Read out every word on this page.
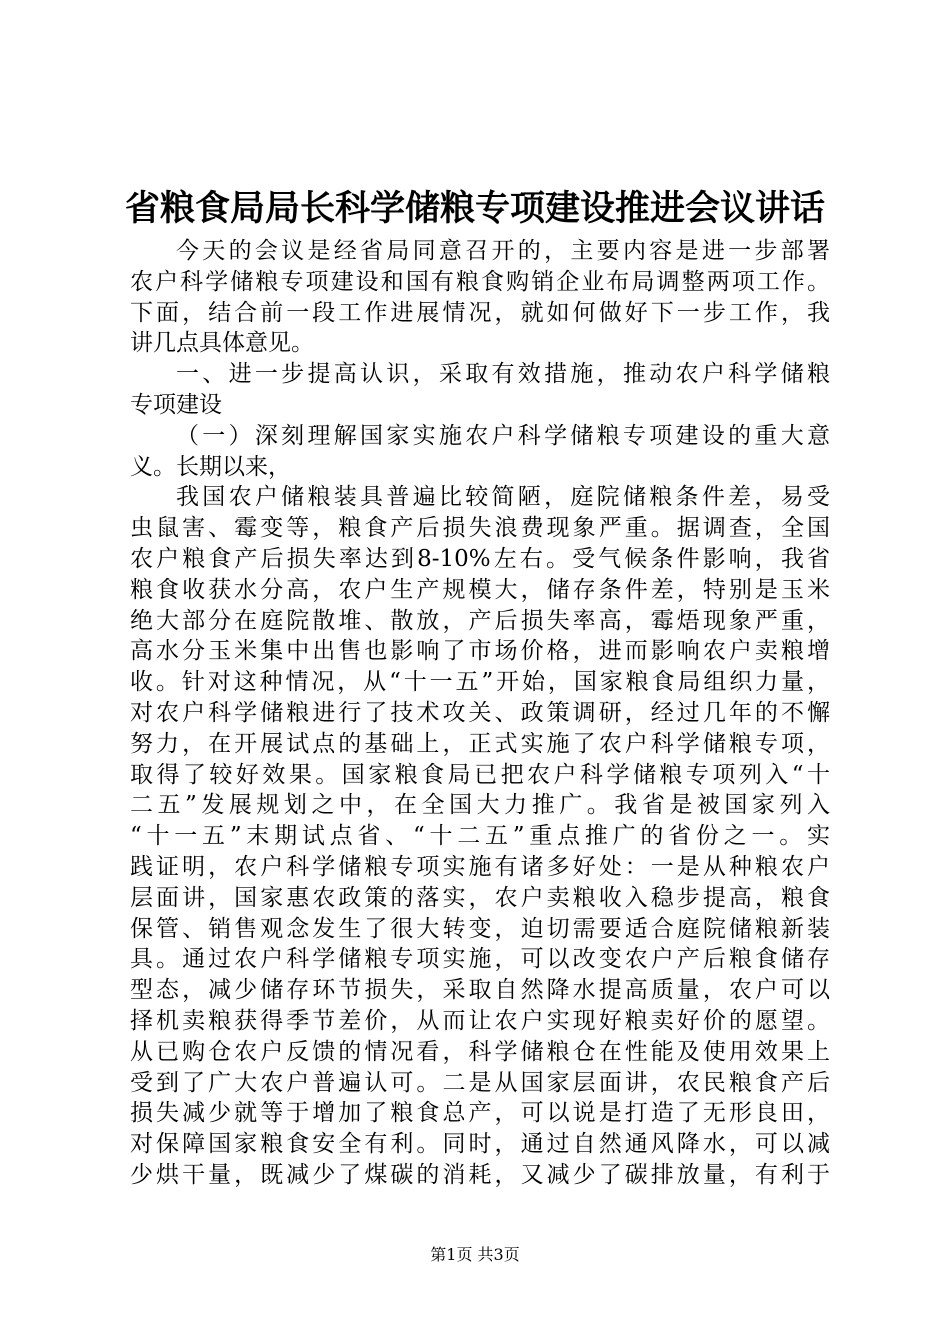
省粮食局局长科学储粮专项建设推进会议讲话
今天的会议是经省局同意召开的，主要内容是进一步部署
农户科学储粮专项建设和国有粮食购销企业布局调整两项工作。
下面，结合前一段工作进展情况，就如何做好下一步工作，我
讲几点具体意见。
一、进一步提高认识，采取有效措施，推动农户科学储粮
专项建设
（一）深刻理解国家实施农户科学储粮专项建设的重大意
义。长期以来，
我国农户储粮装具普遍比较简陋，庭院储粮条件差，易受
虫鼠害、霉变等，粮食产后损失浪费现象严重。据调查，全国
农户粮食产后损失率达到8-10%左右。受气候条件影响，我省
粮食收获水分高，农户生产规模大，储存条件差，特别是玉米
绝大部分在庭院散堆、散放，产后损失率高，霉焐现象严重，
高水分玉米集中出售也影响了市场价格，进而影响农户卖粮增
收。针对这种情况，从“十一五”开始，国家粮食局组织力量，
对农户科学储粮进行了技术攻关、政策调研，经过几年的不懈
努力，在开展试点的基础上，正式实施了农户科学储粮专项，
取得了较好效果。国家粮食局已把农户科学储粮专项列入“十
二五”发展规划之中，在全国大力推广。我省是被国家列入
“十一五”末期试点省、“十二五”重点推广的省份之一。实
践证明，农户科学储粮专项实施有诸多好处：一是从种粮农户
层面讲，国家惠农政策的落实，农户卖粮收入稳步提高，粮食
保管、销售观念发生了很大转变，迫切需要适合庭院储粮新装
具。通过农户科学储粮专项实施，可以改变农户产后粮食储存
型态，减少储存环节损失，采取自然降水提高质量，农户可以
择机卖粮获得季节差价，从而让农户实现好粮卖好价的愿望。
从已购仓农户反馈的情况看，科学储粮仓在性能及使用效果上
受到了广大农户普遍认可。二是从国家层面讲，农民粮食产后
损失减少就等于增加了粮食总产，可以说是打造了无形良田，
对保障国家粮食安全有利。同时，通过自然通风降水，可以减
少烘干量，既减少了煤碳的消耗，又减少了碳排放量，有利于
第1页 共3页
